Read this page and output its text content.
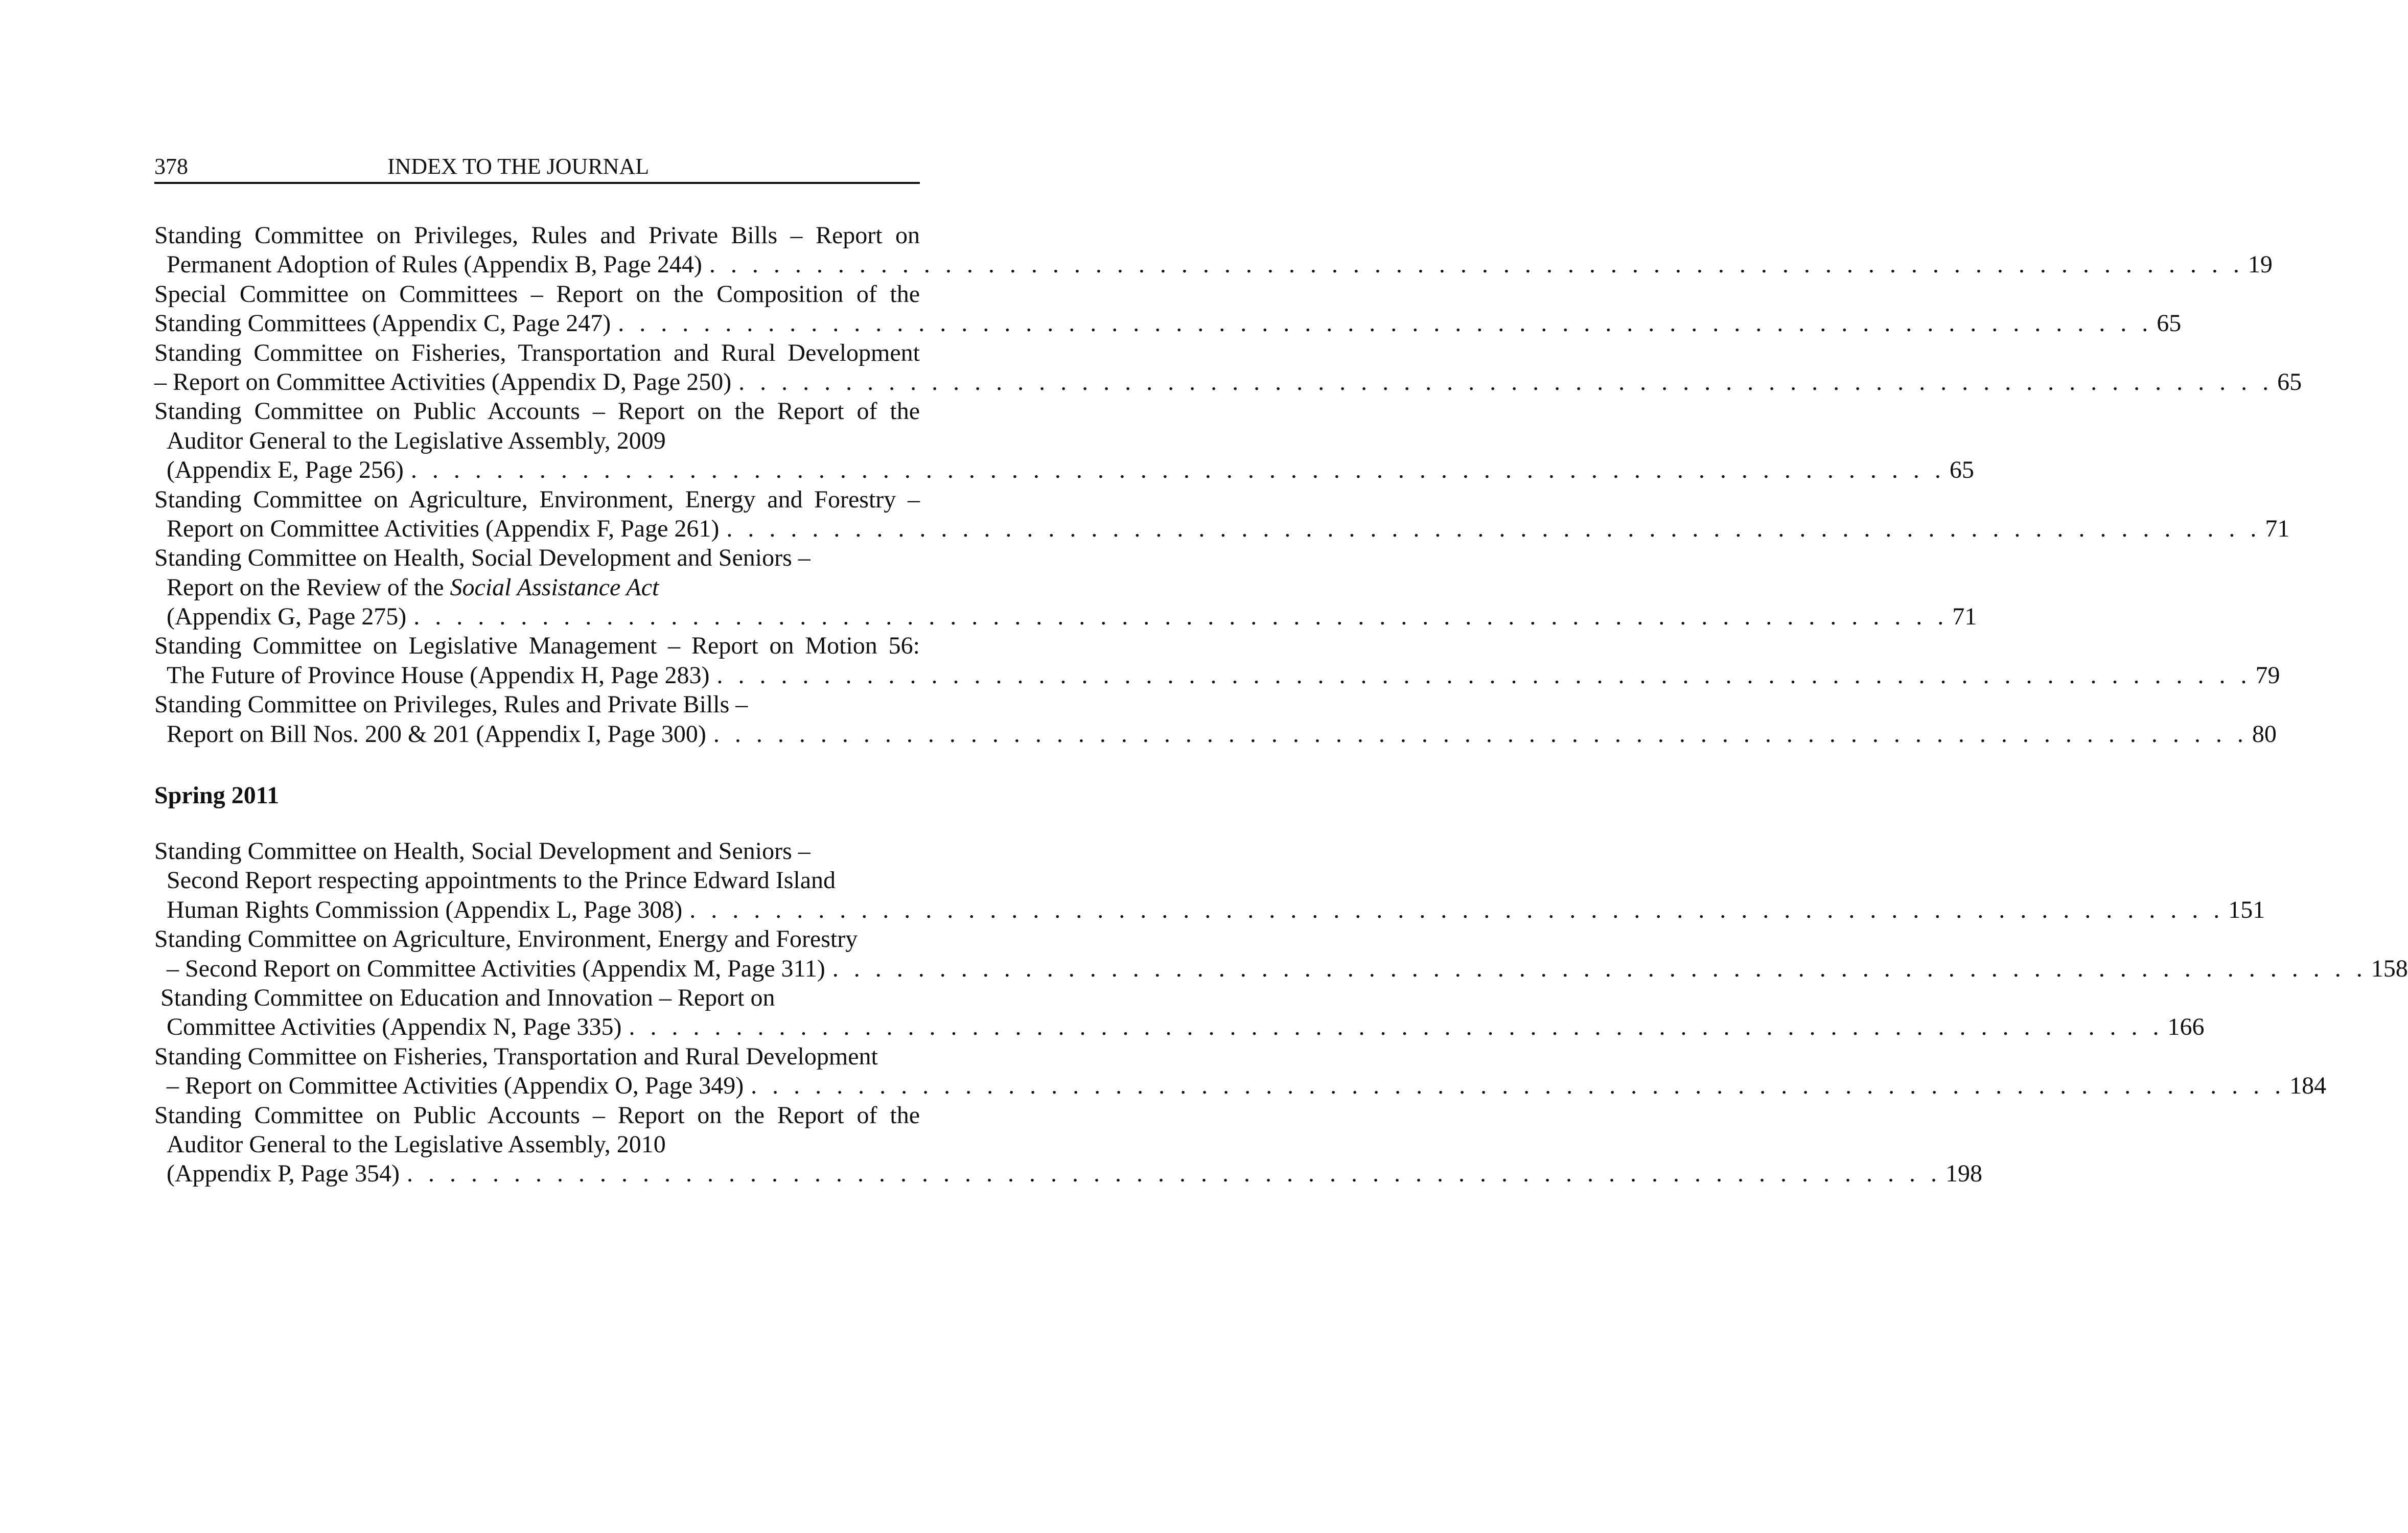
378	INDEX TO THE JOURNAL
Standing Committee on Privileges, Rules and Private Bills – Report on
Permanent Adoption of Rules (Appendix B, Page 244) . . . . . . . . . . . . . . . . . . . . . . . . . . . . . . . . . . . . . . . . . . . . . . . . . . . . . . . . . . . . . . . . . . . . . . . . 19
Special Committee on Committees – Report on the Composition of the
Standing Committees (Appendix C, Page 247) . . . . . . . . . . . . . . . . . . . . . . . . . . . . . . . . . . . . . . . . . . . . . . . . . . . . . . . . . . . . . . . . . . . . . . . . 65
Standing Committee on Fisheries, Transportation and Rural Development
– Report on Committee Activities (Appendix D, Page 250) . . . . . . . . . . . . . . . . . . . . . . . . . . . . . . . . . . . . . . . . . . . . . . . . . . . . . . . . . . . . . . . . . . . . . . . . 65
Standing Committee on Public Accounts – Report on the Report of the
Auditor General to the Legislative Assembly, 2009
(Appendix E, Page 256) . . . . . . . . . . . . . . . . . . . . . . . . . . . . . . . . . . . . . . . . . . . . . . . . . . . . . . . . . . . . . . . . . . . . . . . . 65
Standing Committee on Agriculture, Environment, Energy and Forestry –
Report on Committee Activities (Appendix F, Page 261) . . . . . . . . . . . . . . . . . . . . . . . . . . . . . . . . . . . . . . . . . . . . . . . . . . . . . . . . . . . . . . . . . . . . . . . . 71
Standing Committee on Health, Social Development and Seniors –
Report on the Review of the Social Assistance Act
(Appendix G, Page 275) . . . . . . . . . . . . . . . . . . . . . . . . . . . . . . . . . . . . . . . . . . . . . . . . . . . . . . . . . . . . . . . . . . . . . . . . 71
Standing Committee on Legislative Management – Report on Motion 56:
The Future of Province House (Appendix H, Page 283) . . . . . . . . . . . . . . . . . . . . . . . . . . . . . . . . . . . . . . . . . . . . . . . . . . . . . . . . . . . . . . . . . . . . . . . . 79
Standing Committee on Privileges, Rules and Private Bills –
Report on Bill Nos. 200 & 201 (Appendix I, Page 300) . . . . . . . . . . . . . . . . . . . . . . . . . . . . . . . . . . . . . . . . . . . . . . . . . . . . . . . . . . . . . . . . . . . . . . . . 80
Spring 2011
Standing Committee on Health, Social Development and Seniors –
Second Report respecting appointments to the Prince Edward Island
Human Rights Commission (Appendix L, Page 308) . . . . . . . . . . . . . . . . . . . . . . . . . . . . . . . . . . . . . . . . . . . . . . . . . . . . . . . . . . . . . . . . . . . . . . . . 151
Standing Committee on Agriculture, Environment, Energy and Forestry
– Second Report on Committee Activities (Appendix M, Page 311) . . . . . . . . . . . . . . . . . . . . . . . . . . . . . . . . . . . . . . . . . . . . . . . . . . . . . . . . . . . . . . . . . . . . . . . . 158
Standing Committee on Education and Innovation – Report on
Committee Activities (Appendix N, Page 335) . . . . . . . . . . . . . . . . . . . . . . . . . . . . . . . . . . . . . . . . . . . . . . . . . . . . . . . . . . . . . . . . . . . . . . . . 166
Standing Committee on Fisheries, Transportation and Rural Development
– Report on Committee Activities (Appendix O, Page 349) . . . . . . . . . . . . . . . . . . . . . . . . . . . . . . . . . . . . . . . . . . . . . . . . . . . . . . . . . . . . . . . . . . . . . . . . 184
Standing Committee on Public Accounts – Report on the Report of the
Auditor General to the Legislative Assembly, 2010
(Appendix P, Page 354) . . . . . . . . . . . . . . . . . . . . . . . . . . . . . . . . . . . . . . . . . . . . . . . . . . . . . . . . . . . . . . . . . . . . . . . . 198
